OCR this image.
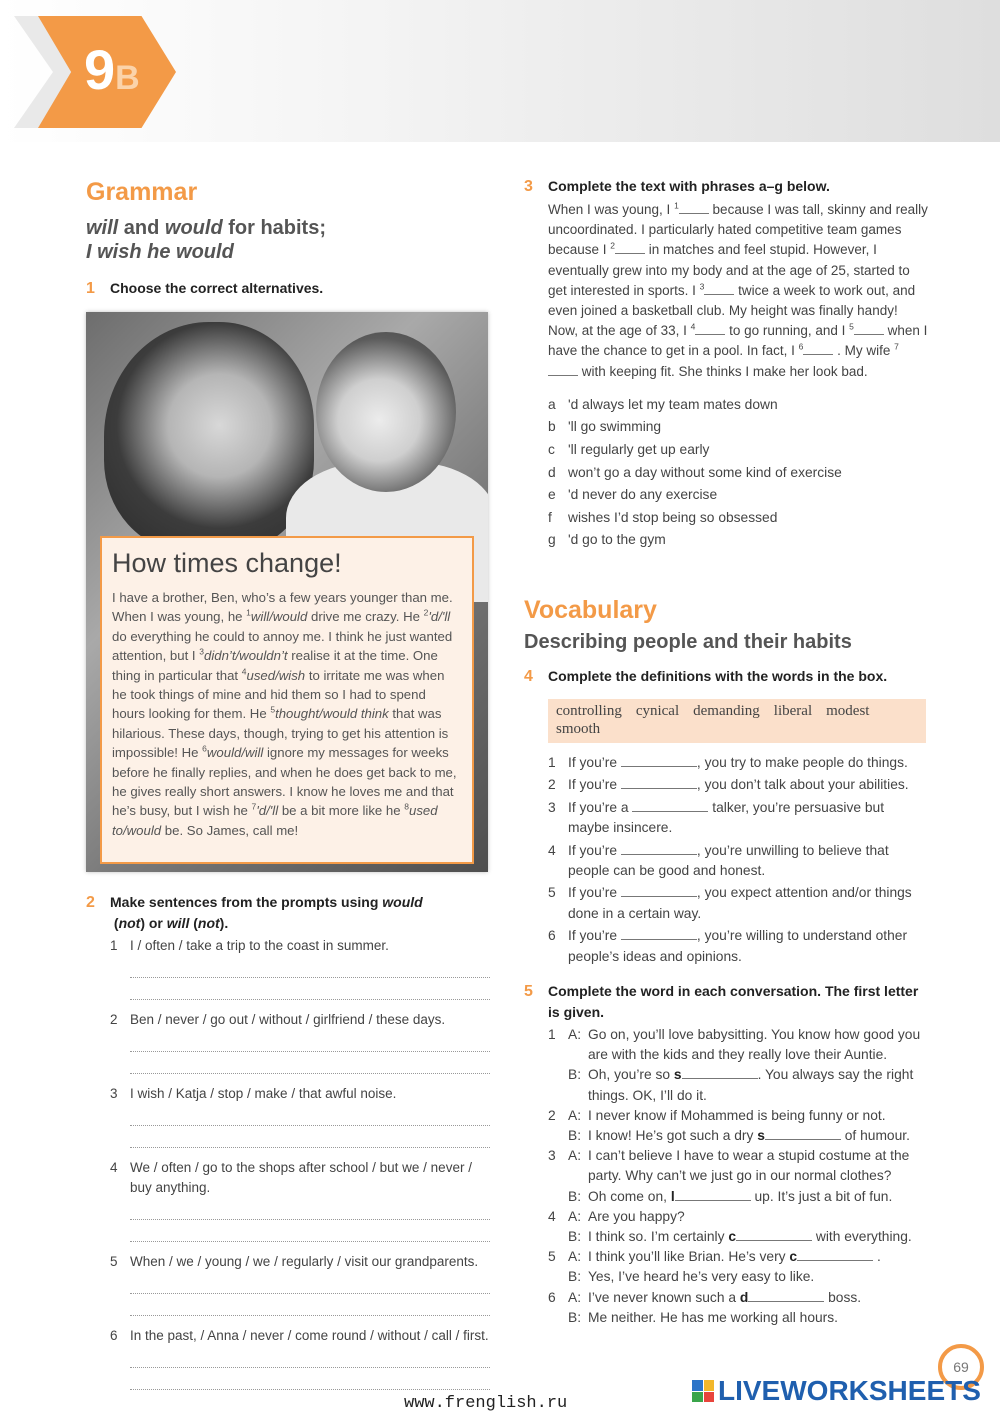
9B
Grammar
will and would for habits;
I wish he would
1 Choose the correct alternatives.
How times change!
I have a brother, Ben, who’s a few years younger than me. When I was young, he $^1$will/would drive me crazy. He $^2$'d/'ll do everything he could to annoy me. I think he just wanted attention, but I $^3$didn’t/wouldn’t realise it at the time. One thing in particular that $^4$used/wish to irritate me was when he took things of mine and hid them so I had to spend hours looking for them. He $^5$thought/would think that was hilarious. These days, though, trying to get his attention is impossible! He $^6$would/will ignore my messages for weeks before he finally replies, and when he does get back to me, he gives really short answers. I know he loves me and that he’s busy, but I wish he $^7$'d/'ll be a bit more like he $^8$used to/would be. So James, call me!
2 Make sentences from the prompts using would (not) or will (not).
1 I / often / take a trip to the coast in summer.
2 Ben / never / go out / without / girlfriend / these days.
3 I wish / Katja / stop / make / that awful noise.
4 We / often / go to the shops after school / but we / never / buy anything.
5 When / we / young / we / regularly / visit our grandparents.
6 In the past, / Anna / never / come round / without / call / first.
3 Complete the text with phrases a–g below.
When I was young, I $^1$ because I was tall, skinny and really uncoordinated. I particularly hated competitive team games because I $^2$ in matches and feel stupid. However, I eventually grew into my body and at the age of 25, started to get interested in sports. I $^3$ twice a week to work out, and even joined a basketball club. My height was finally handy! Now, at the age of 33, I $^4$ to go running, and I $^5$ when I have the chance to get in a pool. In fact, I $^6$ . My wife $^7$ with keeping fit. She thinks I make her look bad.
a 'd always let my team mates down
b 'll go swimming
c 'll regularly get up early
d won’t go a day without some kind of exercise
e 'd never do any exercise
f wishes I’d stop being so obsessed
g 'd go to the gym
Vocabulary
Describing people and their habits
4 Complete the definitions with the words in the box.
controlling cynical demanding liberal modest
smooth
1 If you’re	, you try to make people do things.
2 If you’re	, you don’t talk about your abilities.
3 If you’re a	talker, you’re persuasive but maybe insincere.
4 If you’re	, you’re unwilling to believe that people can be good and honest.
5 If you’re	, you expect attention and/or things done in a certain way.
6 If you’re	, you’re willing to understand other people’s ideas and opinions.
5 Complete the word in each conversation. The first letter is given.
1 A: Go on, you’ll love babysitting. You know how good you are with the kids and they really love their Auntie.
B: Oh, you’re so s	. You always say the right things. OK, I’ll do it.
2 A: I never know if Mohammed is being funny or not.
B: I know! He’s got such a dry s	of humour.
3 A: I can’t believe I have to wear a stupid costume at the party. Why can’t we just go in our normal clothes?
B: Oh come on, l	up. It’s just a bit of fun.
4 A: Are you happy?
B: I think so. I’m certainly c	with everything.
5 A: I think you’ll like Brian. He’s very c	.
B: Yes, I’ve heard he’s very easy to like.
6 A: I’ve never known such a d	boss.
B: Me neither. He has me working all hours.
69
www.frenglish.ru	LIVEWORKSHEETS
